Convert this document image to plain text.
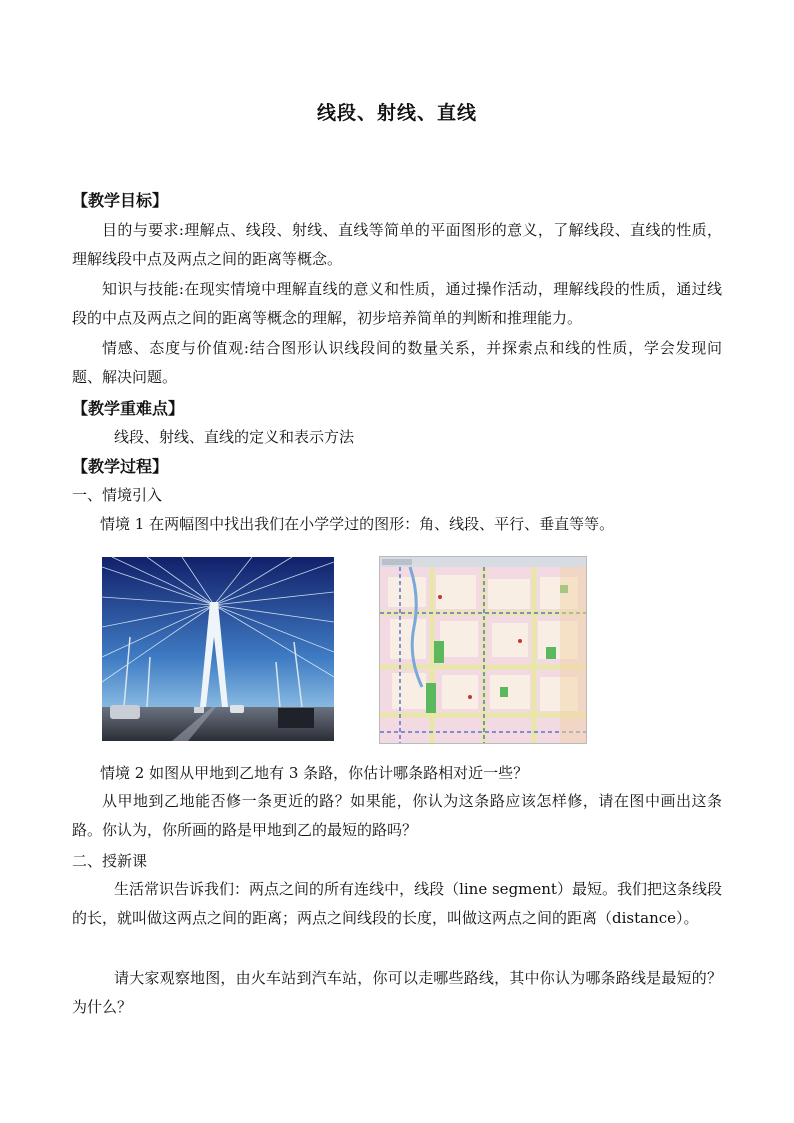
线段、射线、直线
【教学目标】
目的与要求:理解点、线段、射线、直线等简单的平面图形的意义，了解线段、直线的性质，理解线段中点及两点之间的距离等概念。
知识与技能:在现实情境中理解直线的意义和性质，通过操作活动，理解线段的性质，通过线段的中点及两点之间的距离等概念的理解，初步培养简单的判断和推理能力。
情感、态度与价值观:结合图形认识线段间的数量关系，并探索点和线的性质，学会发现问题、解决问题。
【教学重难点】
线段、射线、直线的定义和表示方法
【教学过程】
一、情境引入
情境 1 在两幅图中找出我们在小学学过的图形：角、线段、平行、垂直等等。
情境 2 如图从甲地到乙地有 3 条路，你估计哪条路相对近一些？
从甲地到乙地能否修一条更近的路？如果能，你认为这条路应该怎样修，请在图中画出这条路。你认为，你所画的路是甲地到乙的最短的路吗？
二、授新课
生活常识告诉我们：两点之间的所有连线中，线段（line segment）最短。我们把这条线段的长，就叫做这两点之间的距离；两点之间线段的长度，叫做这两点之间的距离（distance）。
请大家观察地图，由火车站到汽车站，你可以走哪些路线，其中你认为哪条路线是最短的？为什么？
